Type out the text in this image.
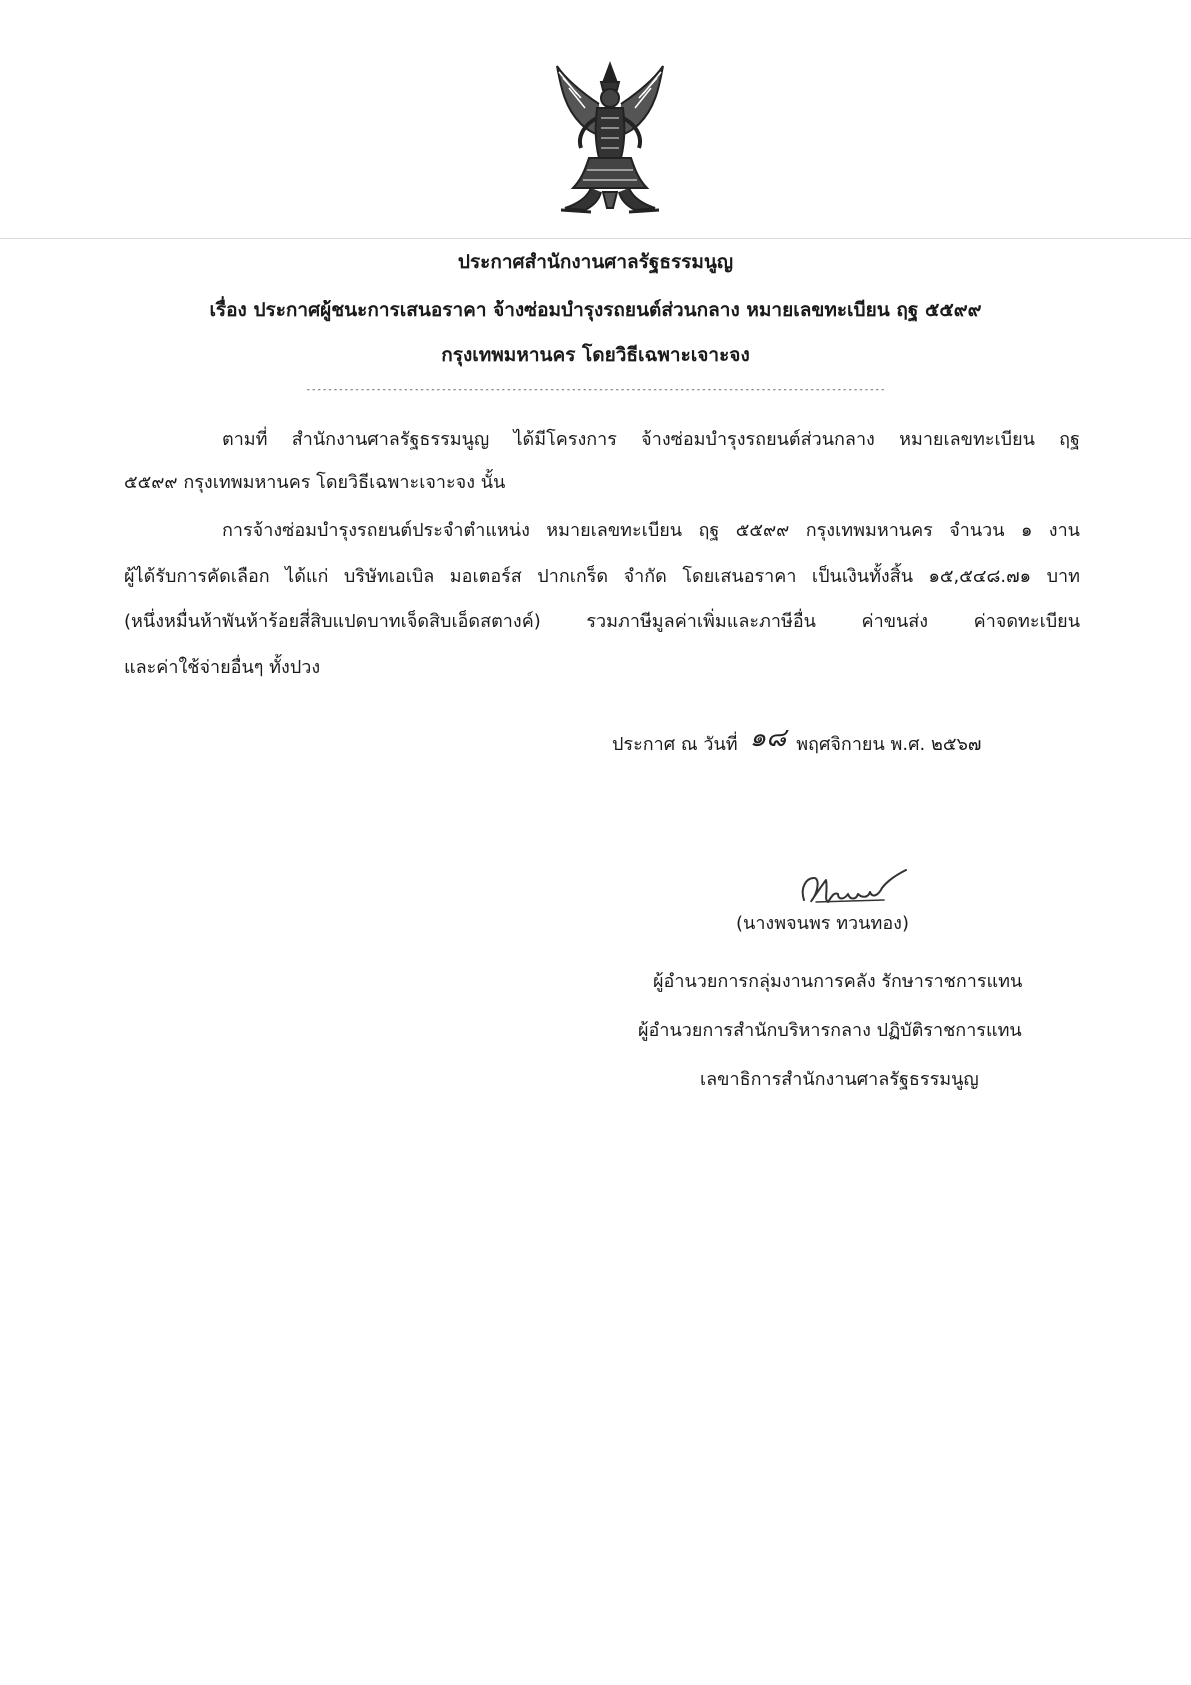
ประกาศสำนักงานศาลรัฐธรรมนูญ
เรื่อง ประกาศผู้ชนะการเสนอราคา จ้างซ่อมบำรุงรถยนต์ส่วนกลาง หมายเลขทะเบียน ฤฐ ๕๕๙๙
กรุงเทพมหานคร โดยวิธีเฉพาะเจาะจง
-----------------------------------------------------------------------------------------------------------
ตามที่ สำนักงานศาลรัฐธรรมนูญ ได้มีโครงการ จ้างซ่อมบำรุงรถยนต์ส่วนกลาง หมายเลขทะเบียน ฤฐ
๕๕๙๙ กรุงเทพมหานคร โดยวิธีเฉพาะเจาะจง นั้น
การจ้างซ่อมบำรุงรถยนต์ประจำตำแหน่ง หมายเลขทะเบียน ฤฐ ๕๕๙๙ กรุงเทพมหานคร จำนวน ๑ งาน
ผู้ได้รับการคัดเลือก ได้แก่ บริษัทเอเบิล มอเตอร์ส ปากเกร็ด จำกัด โดยเสนอราคา เป็นเงินทั้งสิ้น ๑๕,๕๔๘.๗๑ บาท
(หนึ่งหมื่นห้าพันห้าร้อยสี่สิบแปดบาทเจ็ดสิบเอ็ดสตางค์) รวมภาษีมูลค่าเพิ่มและภาษีอื่น ค่าขนส่ง ค่าจดทะเบียน
และค่าใช้จ่ายอื่นๆ ทั้งปวง
ประกาศ ณ วันที่ ๑๘ พฤศจิกายน พ.ศ. ๒๕๖๗
(นางพจนพร ทวนทอง)
ผู้อำนวยการกลุ่มงานการคลัง รักษาราชการแทน
ผู้อำนวยการสำนักบริหารกลาง ปฏิบัติราชการแทน
เลขาธิการสำนักงานศาลรัฐธรรมนูญ
